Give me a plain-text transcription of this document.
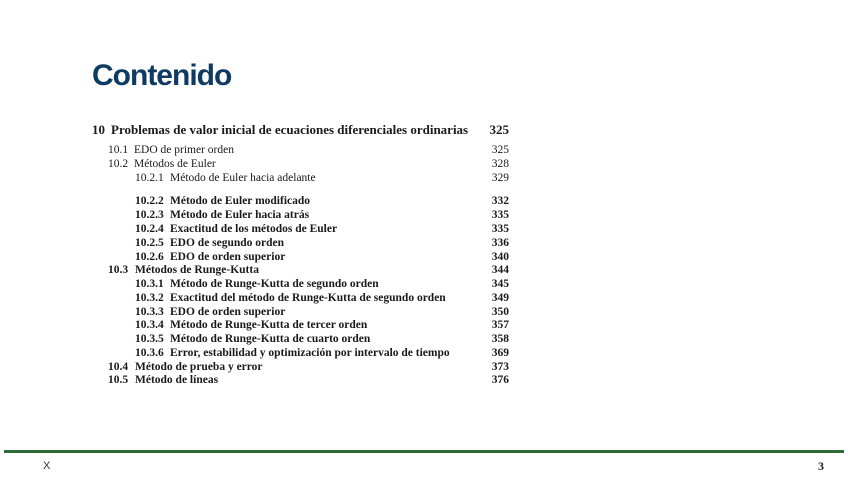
Contenido
10 Problemas de valor inicial de ecuaciones diferenciales ordinarias 325
10.1 EDO de primer orden	325
10.2 Métodos de Euler	328
10.2.1 Método de Euler hacia adelante	329
10.2.2 Método de Euler modificado	332
10.2.3 Método de Euler hacia atrás	335
10.2.4 Exactitud de los métodos de Euler	335
10.2.5 EDO de segundo orden	336
10.2.6 EDO de orden superior	340
10.3 Métodos de Runge-Kutta	344
10.3.1 Método de Runge-Kutta de segundo orden	345
10.3.2 Exactitud del método de Runge-Kutta de segundo orden	349
10.3.3 EDO de orden superior	350
10.3.4 Método de Runge-Kutta de tercer orden	357
10.3.5 Método de Runge-Kutta de cuarto orden	358
10.3.6 Error, estabilidad y optimización por intervalo de tiempo	369
10.4 Método de prueba y error	373
10.5 Método de líneas	376
X	3
